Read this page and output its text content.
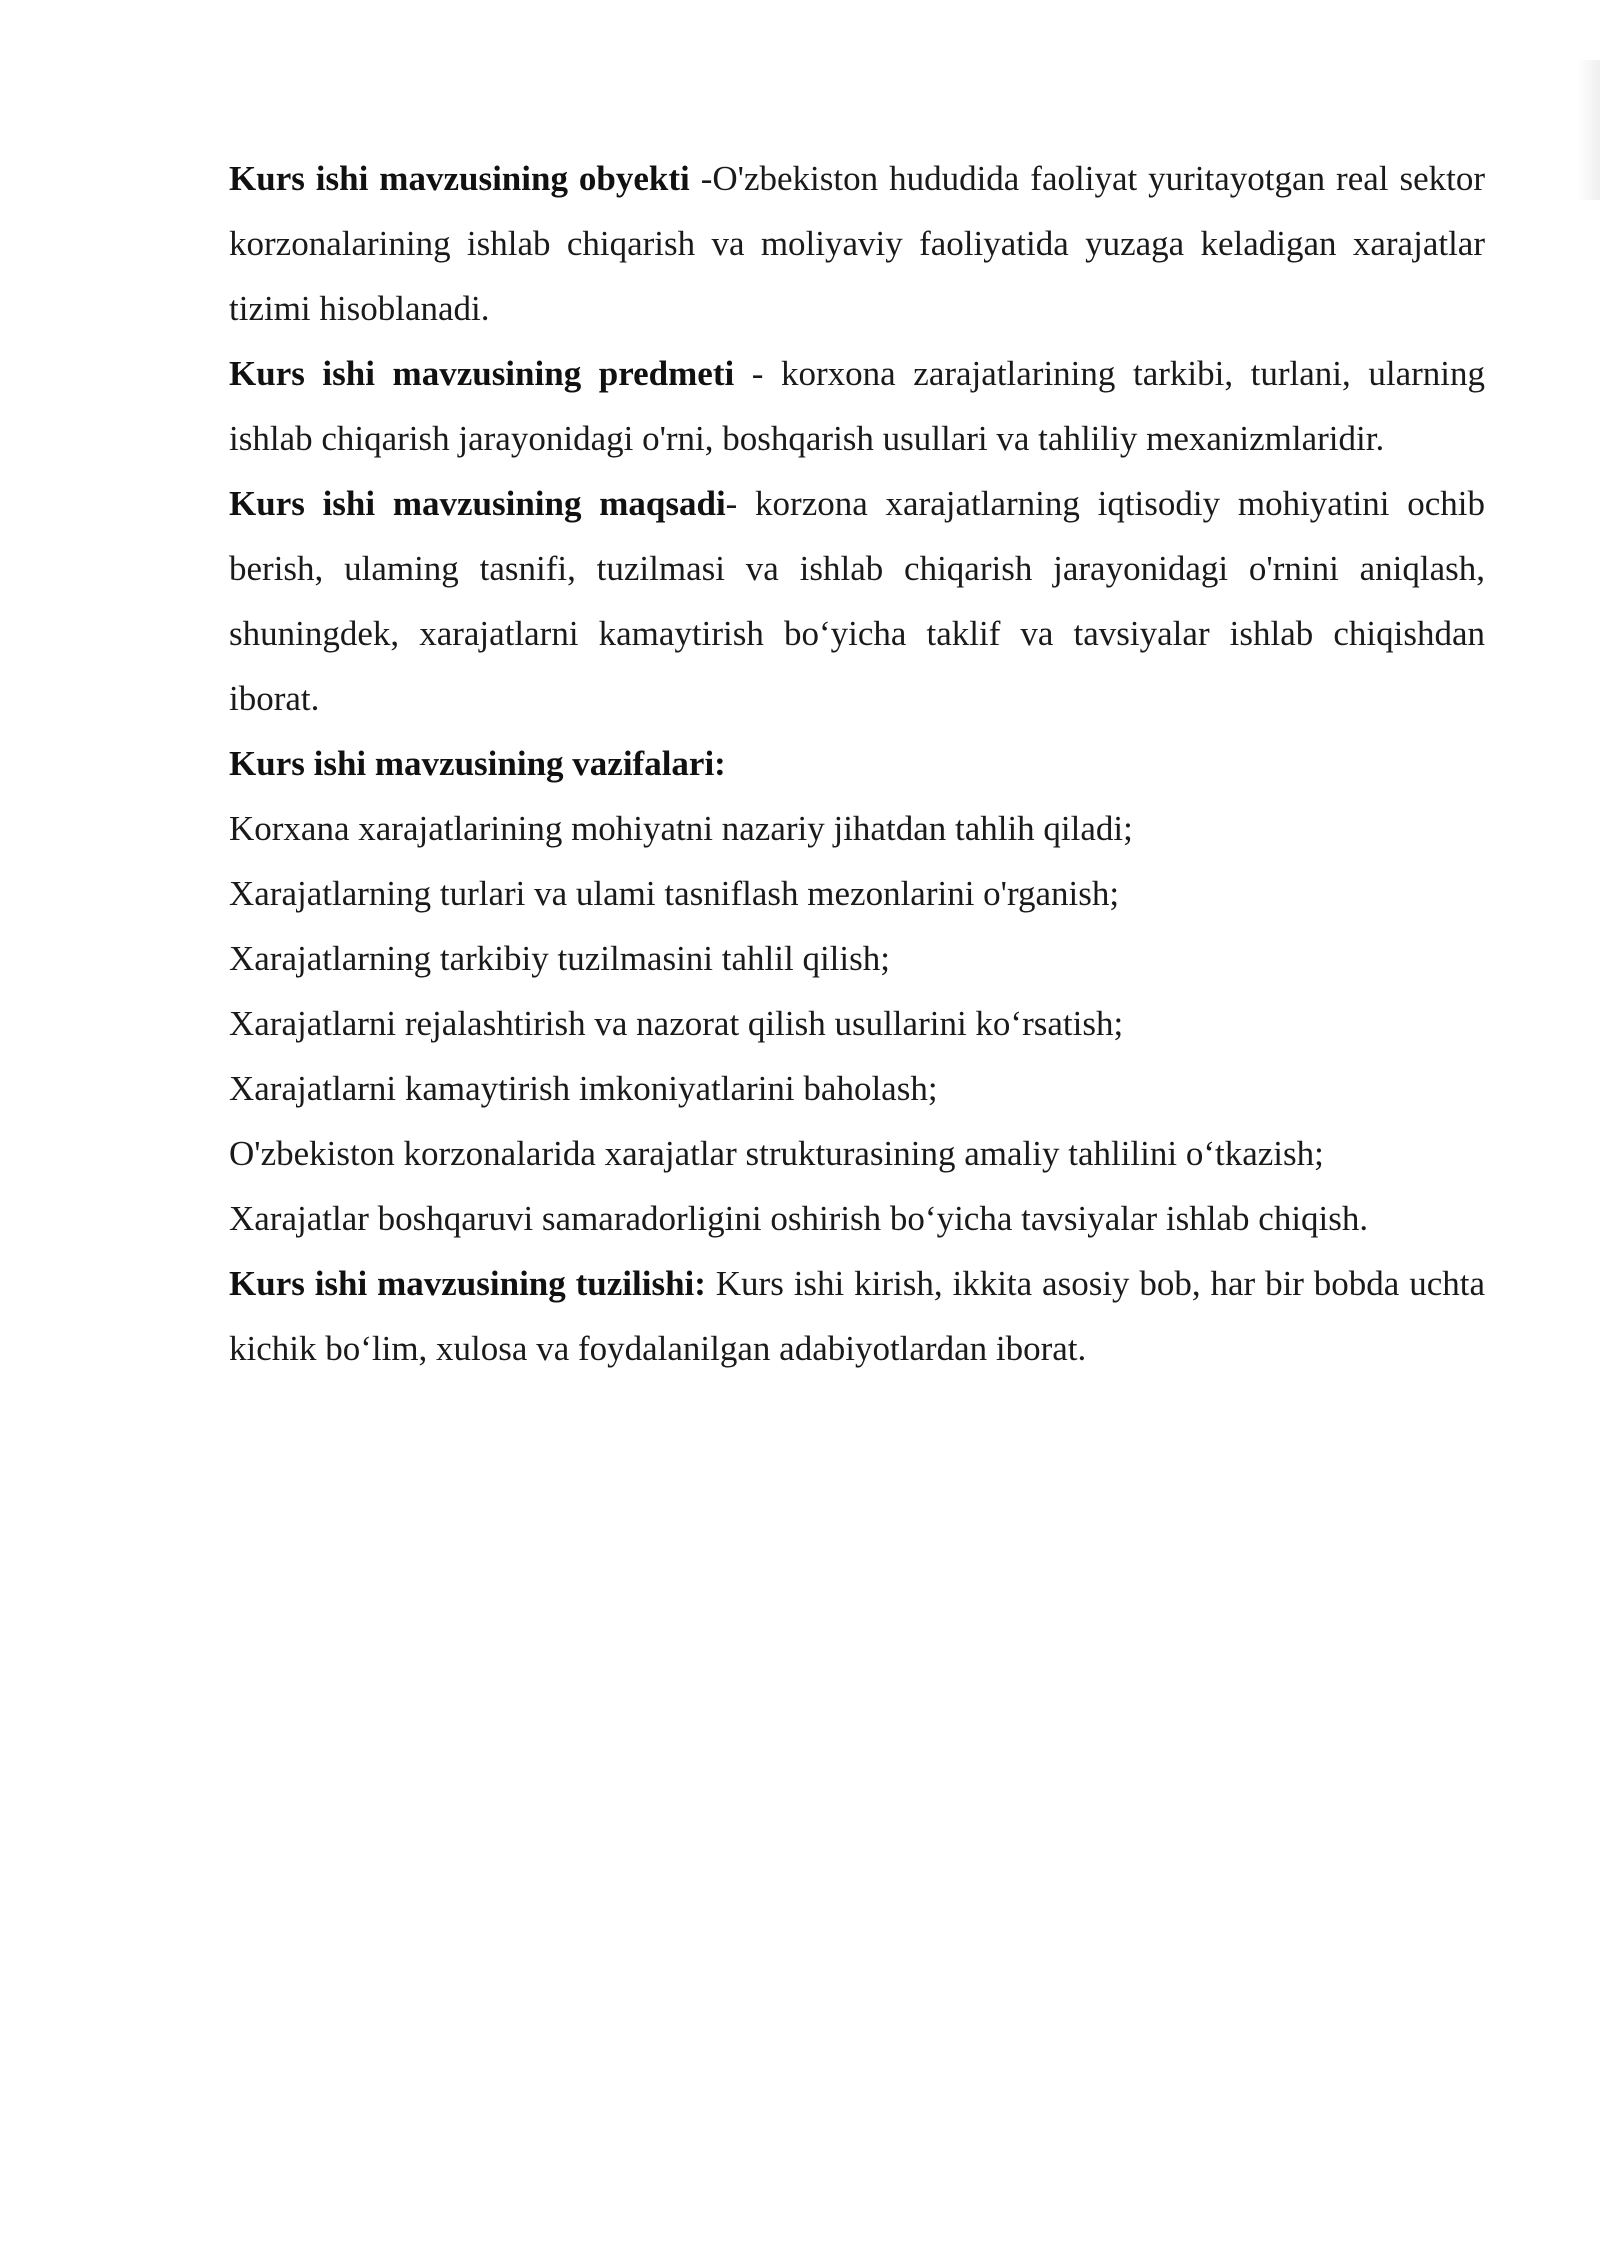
Kurs ishi mavzusining obyekti -O'zbekiston hududida faoliyat yuritayotgan real sektor korzonalarining ishlab chiqarish va moliyaviy faoliyatida yuzaga keladigan xarajatlar tizimi hisoblanadi.

Kurs ishi mavzusining predmeti - korxona zarajatlarining tarkibi, turlani, ularning ishlab chiqarish jarayonidagi o'rni, boshqarish usullari va tahliliy mexanizmlaridir.

Kurs ishi mavzusining maqsadi- korzona xarajatlarning iqtisodiy mohiyatini ochib berish, ulaming tasnifi, tuzilmasi va ishlab chiqarish jarayonidagi o'rnini aniqlash, shuningdek, xarajatlarni kamaytirish bo‘yicha taklif va tavsiyalar ishlab chiqishdan iborat.

Kurs ishi mavzusining vazifalari:

Korxana xarajatlarining mohiyatni nazariy jihatdan tahlih qiladi;

Xarajatlarning turlari va ulami tasniflash mezonlarini o'rganish;

Xarajatlarning tarkibiy tuzilmasini tahlil qilish;

Xarajatlarni rejalashtirish va nazorat qilish usullarini ko‘rsatish;

Xarajatlarni kamaytirish imkoniyatlarini baholash;

O'zbekiston korzonalarida xarajatlar strukturasining amaliy tahlilini o‘tkazish;

Xarajatlar boshqaruvi samaradorligini oshirish bo‘yicha tavsiyalar ishlab chiqish.

Kurs ishi mavzusining tuzilishi: Kurs ishi kirish, ikkita asosiy bob, har bir bobda uchta kichik bo‘lim, xulosa va foydalanilgan adabiyotlardan iborat.
